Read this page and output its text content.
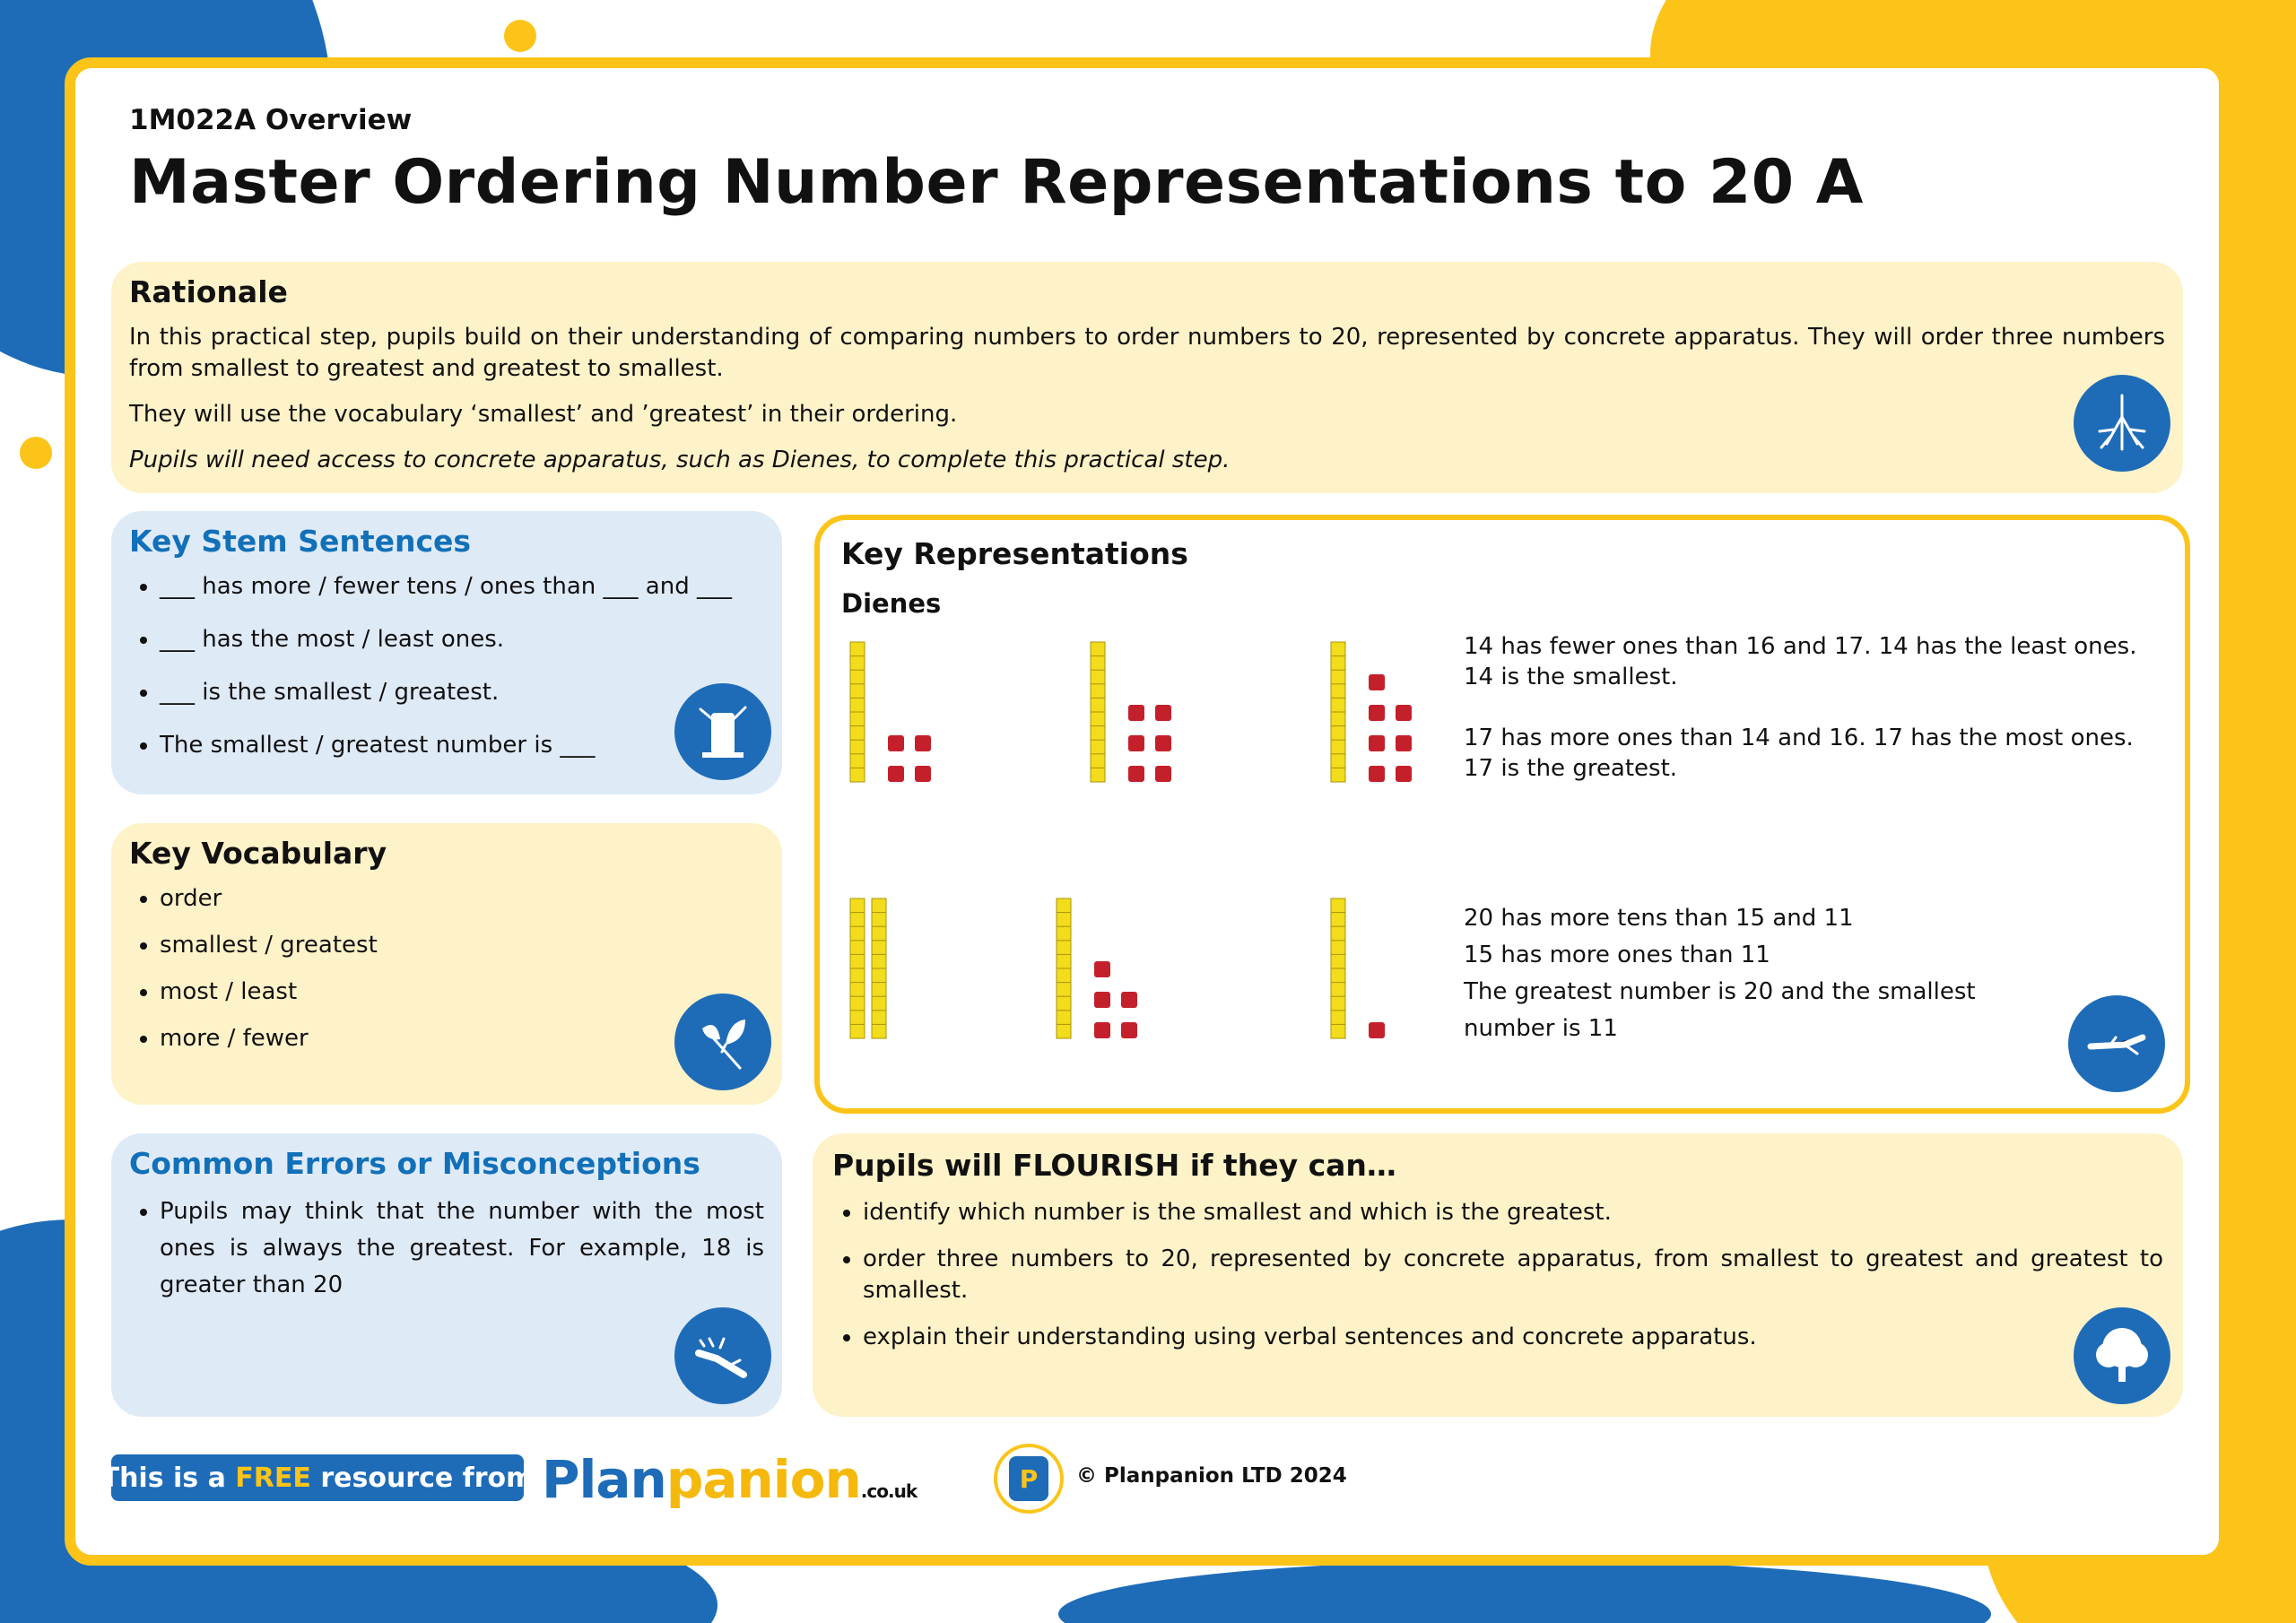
1M022A Overview
Master Ordering Number Representations to 20 A
Rationale

In this practical step, pupils build on their understanding of comparing numbers to order numbers to 20, represented by concrete apparatus. They will order three numbers from smallest to greatest and greatest to smallest.

They will use the vocabulary ‘smallest’ and ’greatest’ in their ordering.

Pupils will need access to concrete apparatus, such as Dienes, to complete this practical step.

Key Stem Sentences
• ___ has more / fewer tens / ones than ___ and ___
• ___ has the most / least ones.
• ___ is the smallest / greatest.
• The smallest / greatest number is ___
Key Vocabulary
• order
• smallest / greatest
• most / least
• more / fewer
Common Errors or Misconceptions
• Pupils may think that the number with the most ones is always the greatest. For example, 18 is greater than 20
Key Representations
Dienes
14 has fewer ones than 16 and 17. 14 has the least ones.
14 is the smallest.
17 has more ones than 14 and 16. 17 has the most ones.
17 is the greatest.
20 has more tens than 15 and 11
15 has more ones than 11
The greatest number is 20 and the smallest
number is 11
Pupils will FLOURISH if they can…
• identify which number is the smallest and which is the greatest.
• order three numbers to 20, represented by concrete apparatus, from smallest to greatest and greatest to smallest.
• explain their understanding using verbal sentences and concrete apparatus.
This is a FREE resource from Planpanion.co.uk	P	© Planpanion LTD 2024
